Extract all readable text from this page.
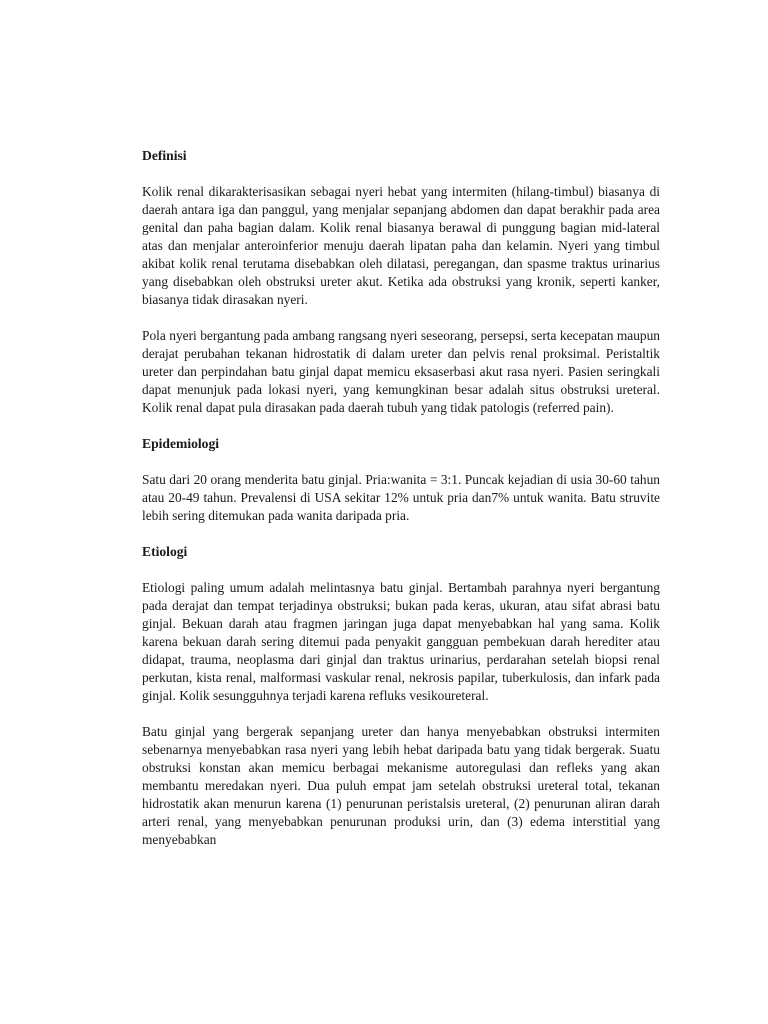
Definisi

Kolik renal dikarakterisasikan sebagai nyeri hebat yang intermiten (hilang-timbul) biasanya di daerah antara iga dan panggul, yang menjalar sepanjang abdomen dan dapat berakhir pada area genital dan paha bagian dalam. Kolik renal biasanya berawal di punggung bagian mid-lateral atas dan menjalar anteroinferior menuju daerah lipatan paha dan kelamin. Nyeri yang timbul akibat kolik renal terutama disebabkan oleh dilatasi, peregangan, dan spasme traktus urinarius yang disebabkan oleh obstruksi ureter akut. Ketika ada obstruksi yang kronik, seperti kanker, biasanya tidak dirasakan nyeri.

Pola nyeri bergantung pada ambang rangsang nyeri seseorang, persepsi, serta kecepatan maupun derajat perubahan tekanan hidrostatik di dalam ureter dan pelvis renal proksimal. Peristaltik ureter dan perpindahan batu ginjal dapat memicu eksaserbasi akut rasa nyeri. Pasien seringkali dapat menunjuk pada lokasi nyeri, yang kemungkinan besar adalah situs obstruksi ureteral. Kolik renal dapat pula dirasakan pada daerah tubuh yang tidak patologis (referred pain).

Epidemiologi

Satu dari 20 orang menderita batu ginjal. Pria:wanita = 3:1. Puncak kejadian di usia 30-60 tahun atau 20-49 tahun. Prevalensi di USA sekitar 12% untuk pria dan7% untuk wanita. Batu struvite lebih sering ditemukan pada wanita daripada pria.

Etiologi

Etiologi paling umum adalah melintasnya batu ginjal. Bertambah parahnya nyeri bergantung pada derajat dan tempat terjadinya obstruksi; bukan pada keras, ukuran, atau sifat abrasi batu ginjal. Bekuan darah atau fragmen jaringan juga dapat menyebabkan hal yang sama. Kolik karena bekuan darah sering ditemui pada penyakit gangguan pembekuan darah herediter atau didapat, trauma, neoplasma dari ginjal dan traktus urinarius, perdarahan setelah biopsi renal perkutan, kista renal, malformasi vaskular renal, nekrosis papilar, tuberkulosis, dan infark pada ginjal. Kolik sesungguhnya terjadi karena refluks vesikoureteral.

Batu ginjal yang bergerak sepanjang ureter dan hanya menyebabkan obstruksi intermiten sebenarnya menyebabkan rasa nyeri yang lebih hebat daripada batu yang tidak bergerak. Suatu obstruksi konstan akan memicu berbagai mekanisme autoregulasi dan refleks yang akan membantu meredakan nyeri. Dua puluh empat jam setelah obstruksi ureteral total, tekanan hidrostatik akan menurun karena (1) penurunan peristalsis ureteral, (2) penurunan aliran darah arteri renal, yang menyebabkan penurunan produksi urin, dan (3) edema interstitial yang menyebabkan
